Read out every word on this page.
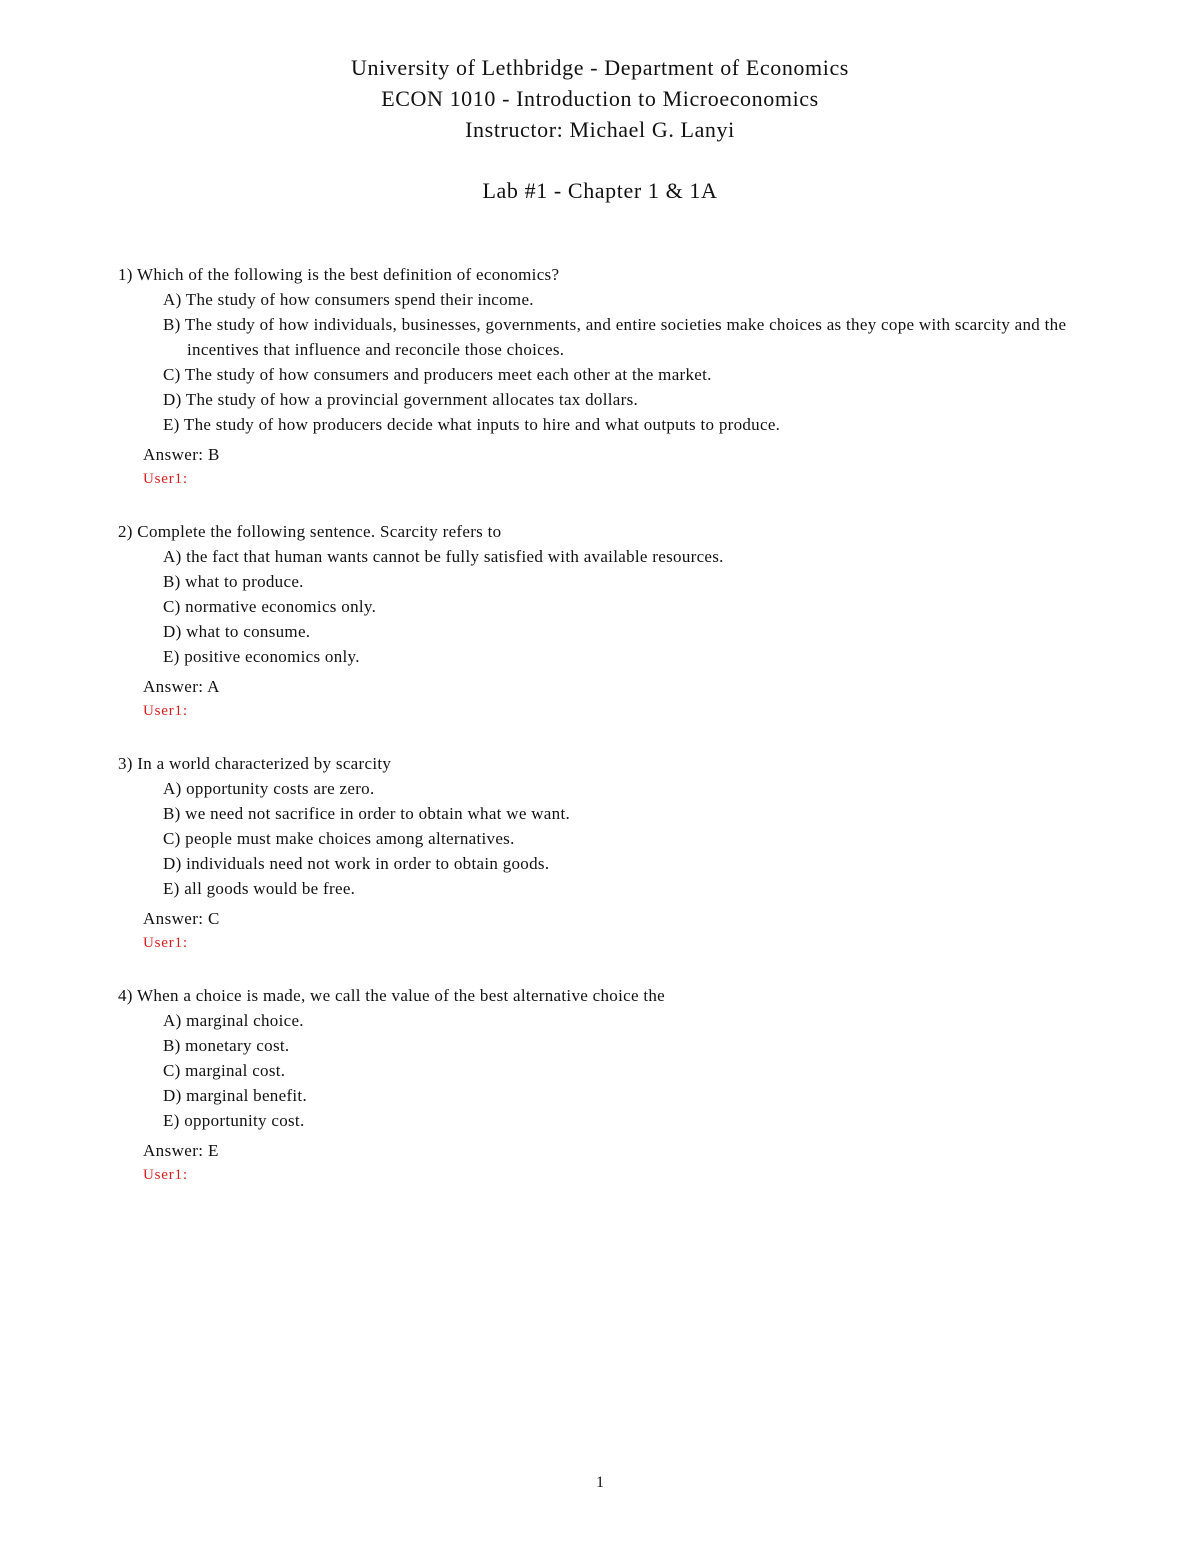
University of Lethbridge - Department of Economics
ECON 1010 - Introduction to Microeconomics
Instructor: Michael G. Lanyi
Lab #1 - Chapter 1 & 1A
1) Which of the following is the best definition of economics?
A) The study of how consumers spend their income.
B) The study of how individuals, businesses, governments, and entire societies make choices as they cope with scarcity and the incentives that influence and reconcile those choices.
C) The study of how consumers and producers meet each other at the market.
D) The study of how a provincial government allocates tax dollars.
E) The study of how producers decide what inputs to hire and what outputs to produce.
Answer: B
User1:
2) Complete the following sentence. Scarcity refers to
A) the fact that human wants cannot be fully satisfied with available resources.
B) what to produce.
C) normative economics only.
D) what to consume.
E) positive economics only.
Answer: A
User1:
3) In a world characterized by scarcity
A) opportunity costs are zero.
B) we need not sacrifice in order to obtain what we want.
C) people must make choices among alternatives.
D) individuals need not work in order to obtain goods.
E) all goods would be free.
Answer: C
User1:
4) When a choice is made, we call the value of the best alternative choice the
A) marginal choice.
B) monetary cost.
C) marginal cost.
D) marginal benefit.
E) opportunity cost.
Answer: E
User1:
1
